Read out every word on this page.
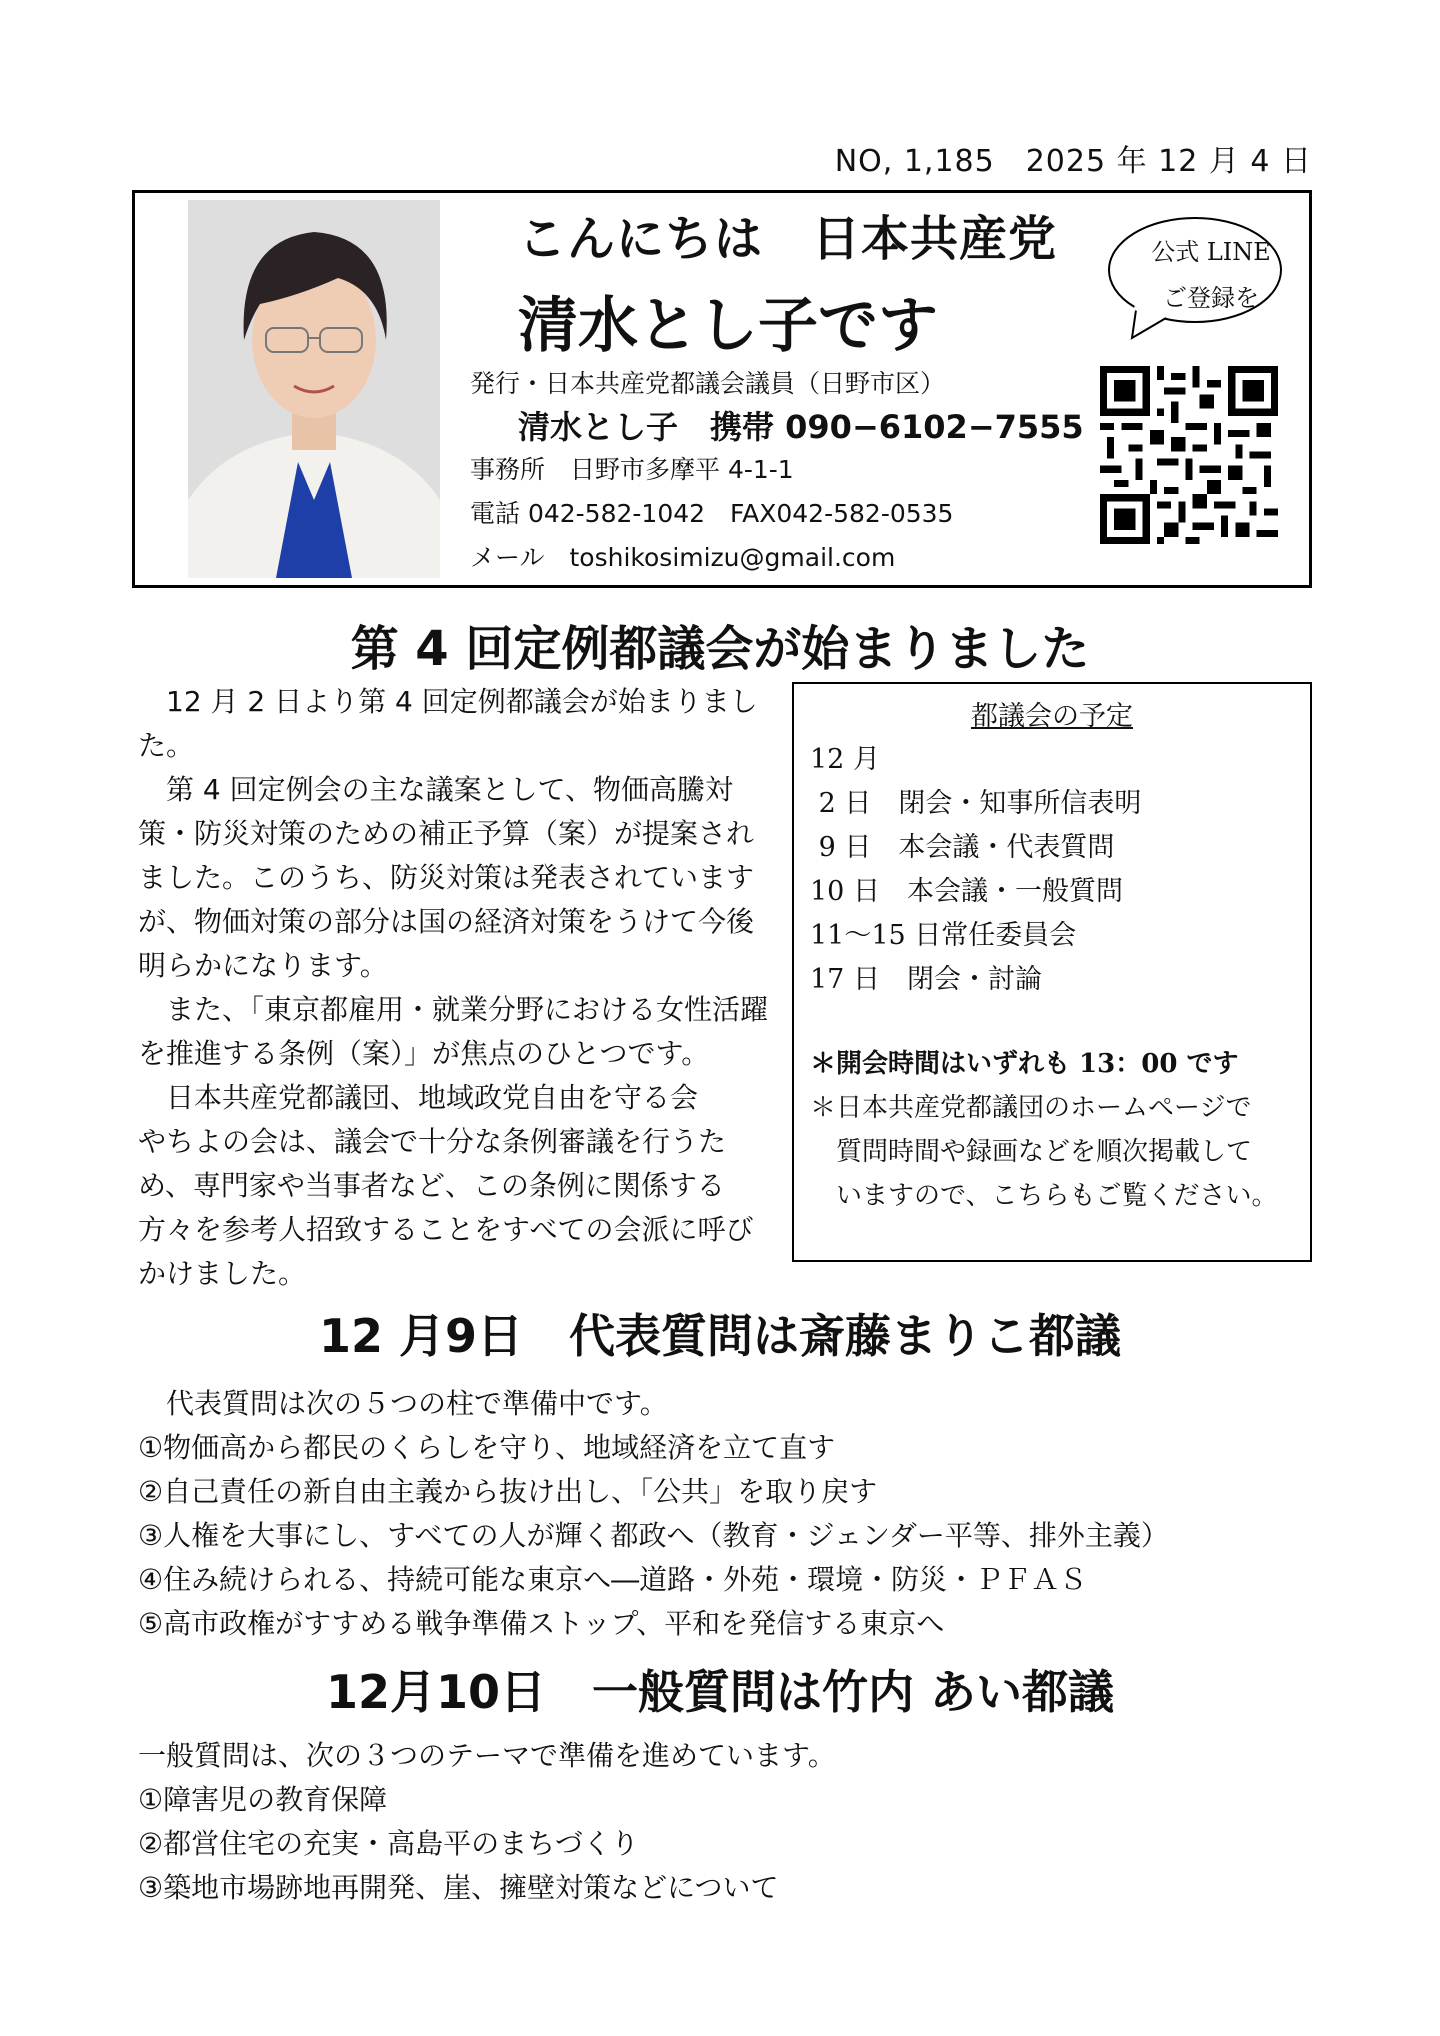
NO, 1,185　2025 年 12 月 4 日
こんにちは　日本共産党
清水とし子です
発行・日本共産党都議会議員（日野市区）
清水とし子　携帯 090−6102−7555
事務所　日野市多摩平 4-1-1
電話 042-582-1042　FAX042-582-0535
メール　toshikosimizu@gmail.com
公式 LINE
ご登録を
第 4 回定例都議会が始まりました

12 月 2 日より第 4 回定例都議会が始まりました。

第 4 回定例会の主な議案として、物価高騰対策・防災対策のための補正予算（案）が提案されました。このうち、防災対策は発表されていますが、物価対策の部分は国の経済対策をうけて今後明らかになります。

また、「東京都雇用・就業分野における女性活躍を推進する条例（案）」が焦点のひとつです。

日本共産党都議団、地域政党自由を守る会

やちよの会は、議会で十分な条例審議を行うため、専門家や当事者など、この条例に関係する方々を参考人招致することをすべての会派に呼びかけました。

都議会の予定
12 月
2 日　閉会・知事所信表明
9 日　本会議・代表質問
10 日　本会議・一般質問
11～15 日常任委員会
17 日　閉会・討論
＊開会時間はいずれも 13：00 です
＊日本共産党都議団のホームページで
質問時間や録画などを順次掲載して
いますので、こちらもご覧ください。
12 月9日　代表質問は斎藤まりこ都議
代表質問は次の５つの柱で準備中です。
①物価高から都民のくらしを守り、地域経済を立て直す
②自己責任の新自由主義から抜け出し、「公共」を取り戻す
③人権を大事にし、すべての人が輝く都政へ（教育・ジェンダー平等、排外主義）
④住み続けられる、持続可能な東京へ―道路・外苑・環境・防災・ＰＦＡＳ
⑤高市政権がすすめる戦争準備ストップ、平和を発信する東京へ
12月10日　一般質問は竹内 あい都議
一般質問は、次の３つのテーマで準備を進めています。
①障害児の教育保障
②都営住宅の充実・高島平のまちづくり
③築地市場跡地再開発、崖、擁壁対策などについて
